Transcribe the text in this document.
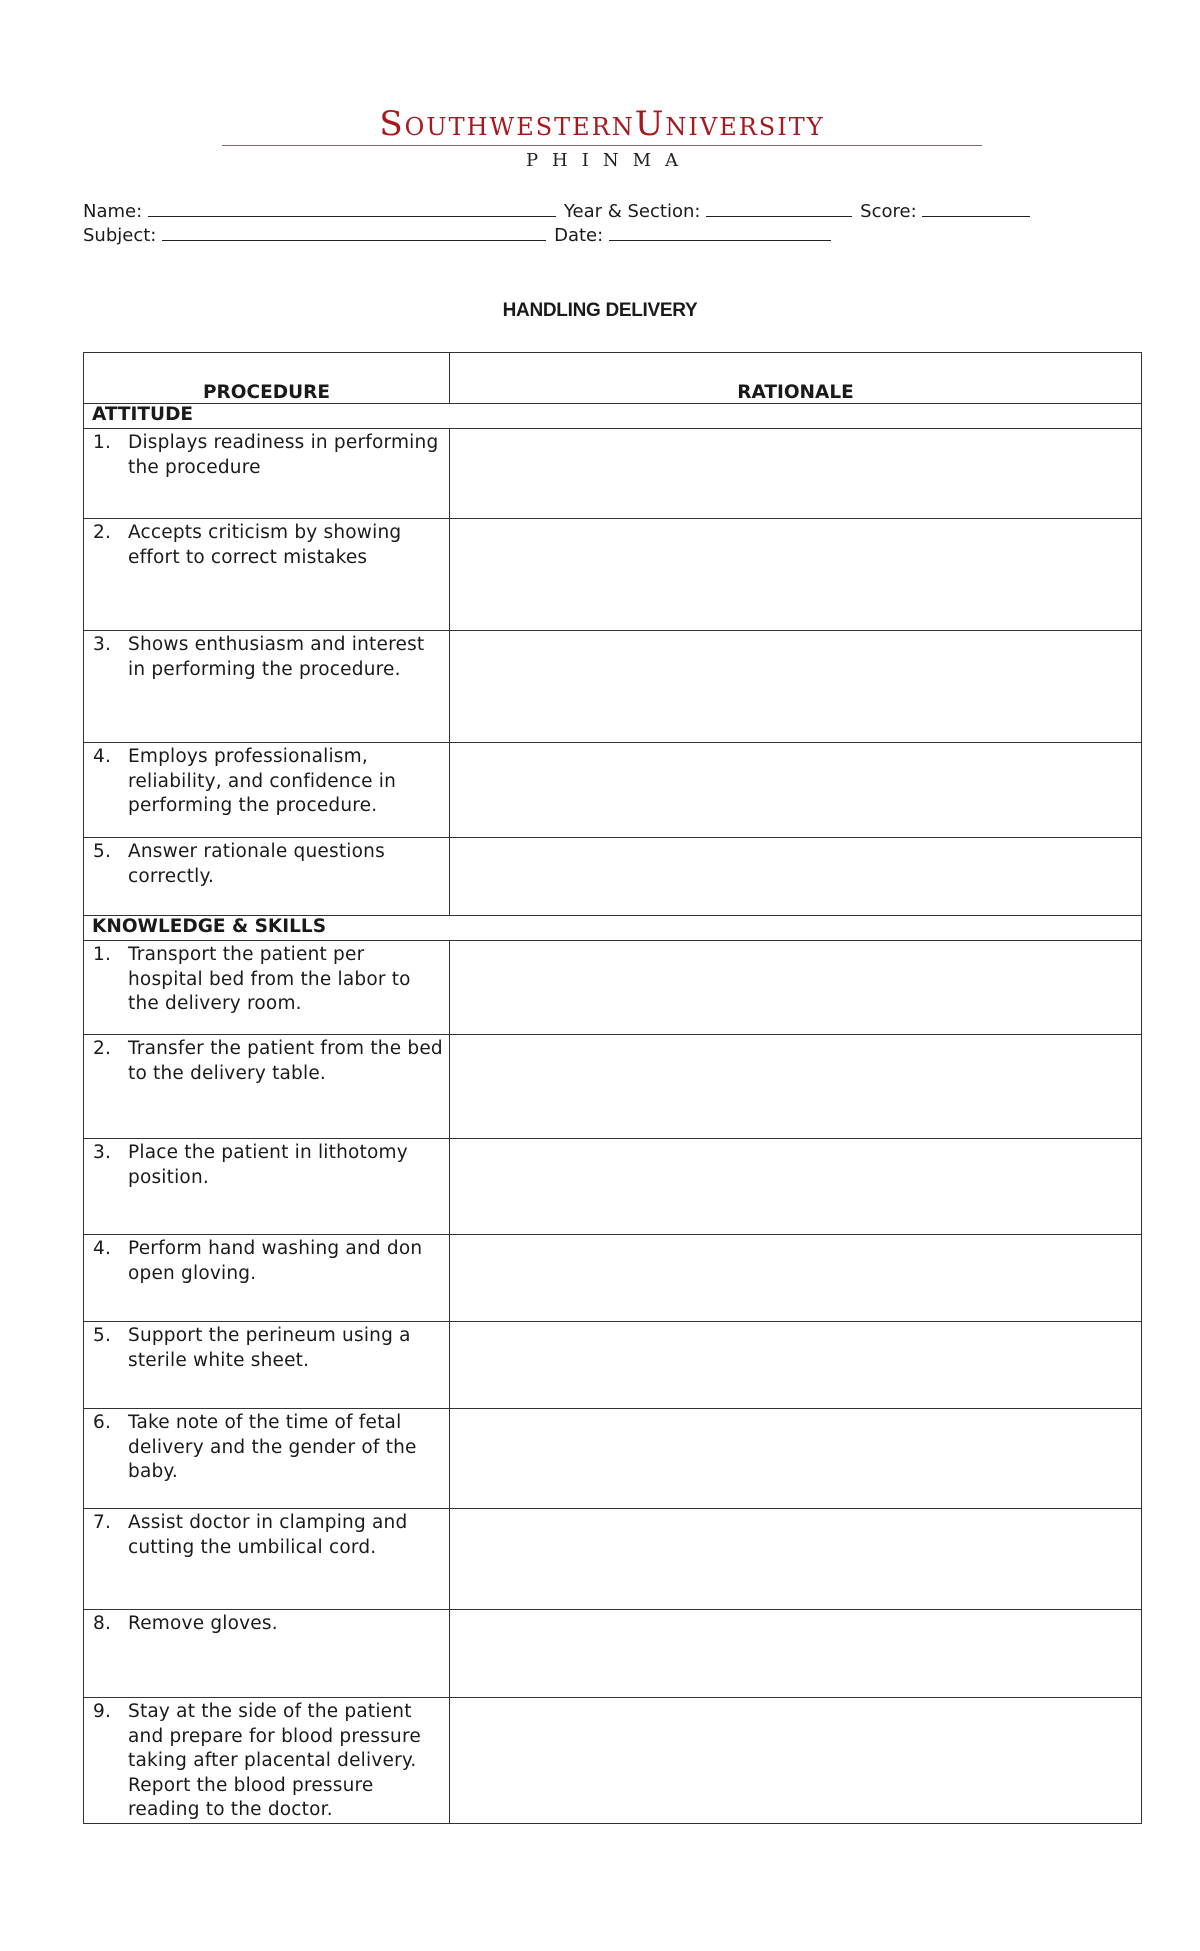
SouthwesternUniversity
PHINMA
Name:	Year & Section:	Score:
Subject:	Date:
HANDLING DELIVERY
PROCEDURE	RATIONALE
ATTITUDE	

1. Displays readiness in performing the procedure	

2. Accepts criticism by showing effort to correct mistakes	

3. Shows enthusiasm and interest in performing the procedure.	

4. Employs professionalism, reliability, and confidence in performing the procedure.	

5. Answer rationale questions correctly.	

KNOWLEDGE & SKILLS	

1. Transport the patient per hospital bed from the labor to the delivery room.	

2. Transfer the patient from the bed to the delivery table.	

3. Place the patient in lithotomy position.	

4. Perform hand washing and don open gloving.	

5. Support the perineum using a sterile white sheet.	

6. Take note of the time of fetal delivery and the gender of the baby.	

7. Assist doctor in clamping and cutting the umbilical cord.	

8. Remove gloves.	

9. Stay at the side of the patient and prepare for blood pressure taking after placental delivery. Report the blood pressure reading to the doctor.	
